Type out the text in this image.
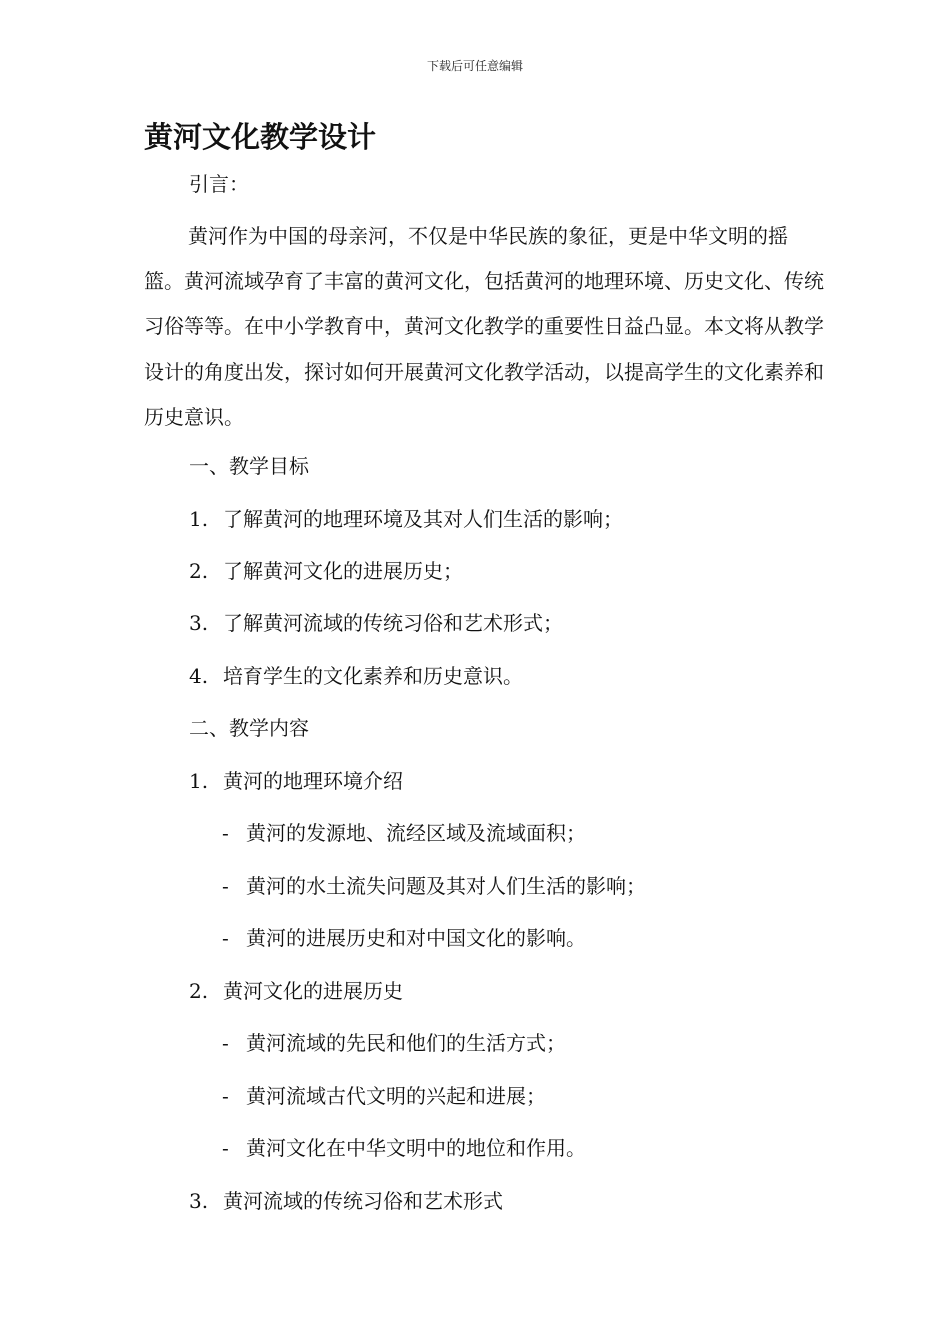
下载后可任意编辑
黄河文化教学设计

引言：

黄河作为中国的母亲河，不仅是中华民族的象征，更是中华文明的摇篮。黄河流域孕育了丰富的黄河文化，包括黄河的地理环境、历史文化、传统习俗等等。在中小学教育中，黄河文化教学的重要性日益凸显。本文将从教学设计的角度出发，探讨如何开展黄河文化教学活动，以提高学生的文化素养和历史意识。

一、教学目标

1. 了解黄河的地理环境及其对人们生活的影响；

2. 了解黄河文化的进展历史；

3. 了解黄河流域的传统习俗和艺术形式；

4. 培育学生的文化素养和历史意识。

二、教学内容

1. 黄河的地理环境介绍

- 黄河的发源地、流经区域及流域面积；

- 黄河的水土流失问题及其对人们生活的影响；

- 黄河的进展历史和对中国文化的影响。

2. 黄河文化的进展历史

- 黄河流域的先民和他们的生活方式；

- 黄河流域古代文明的兴起和进展；

- 黄河文化在中华文明中的地位和作用。

3. 黄河流域的传统习俗和艺术形式
